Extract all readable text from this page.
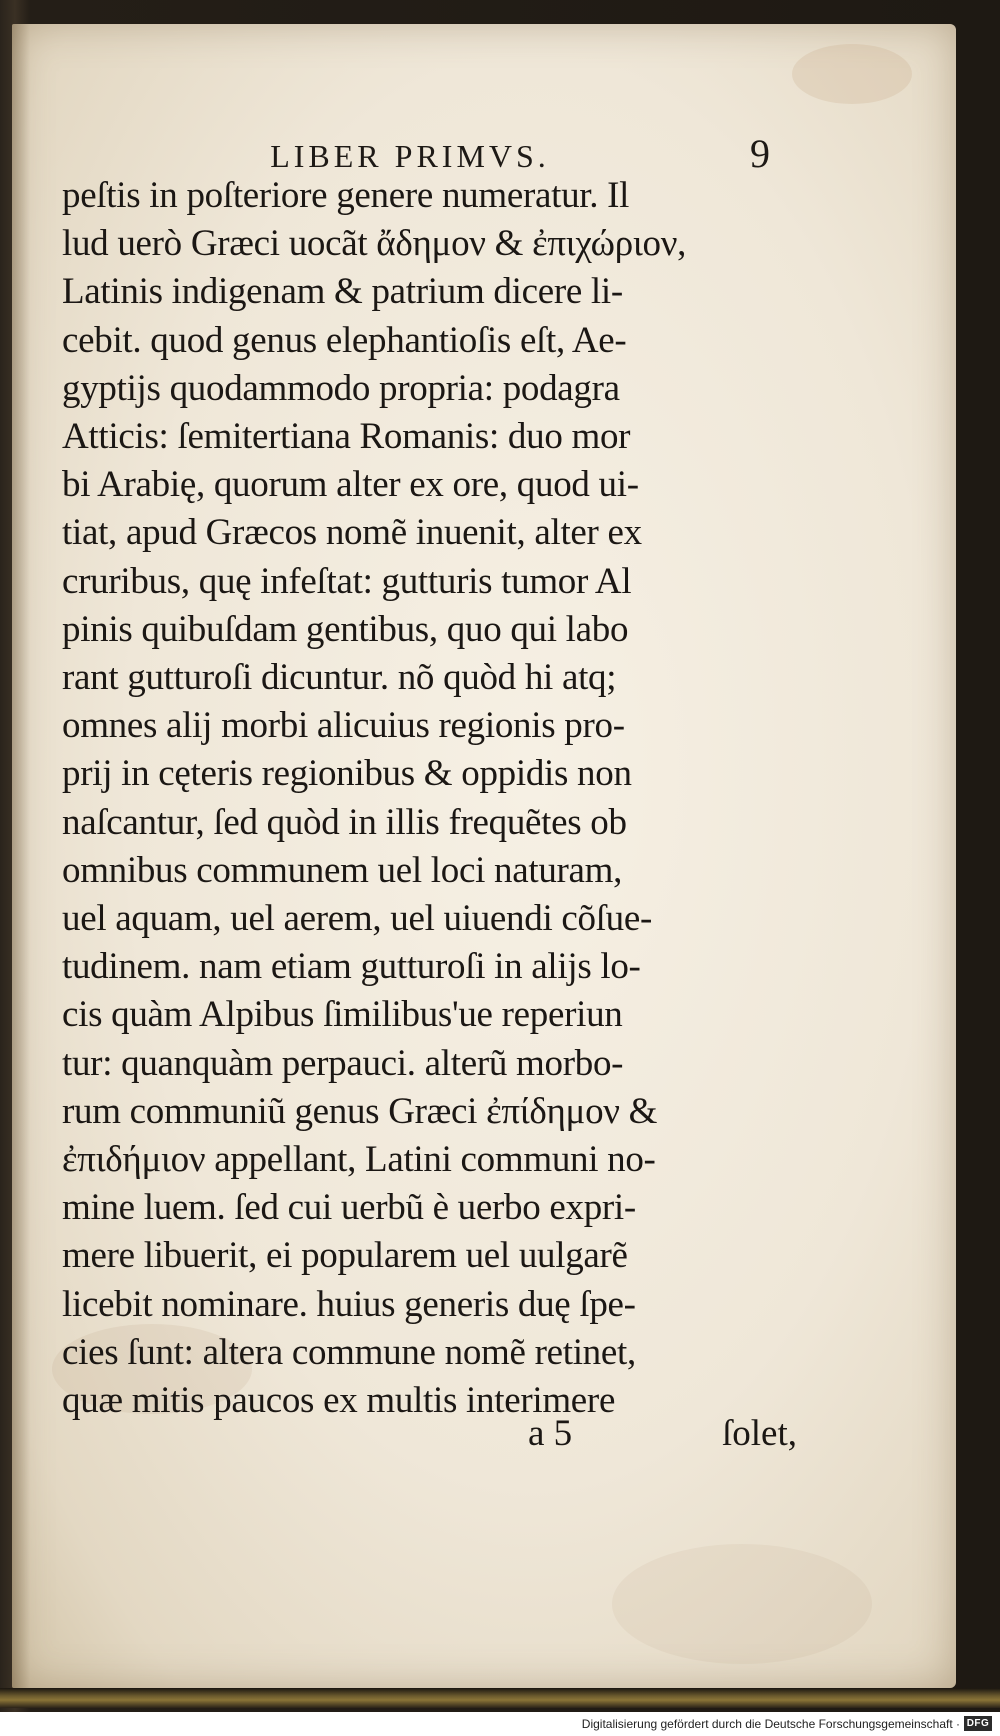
LIBER PRIMVS.	9
peſtis in poſteriore genere numeratur. Il
lud uerò Græci uocãt ἄδημον & ἐπιχώριον,
Latinis indigenam & patrium dicere li-
cebit. quod genus elephantioſis eſt, Ae-
gyptijs quodammodo propria: podagra
Atticis: ſemitertiana Romanis: duo mor
bi Arabię, quorum alter ex ore, quod ui-
tiat, apud Græcos nomẽ inuenit, alter ex
cruribus, quę infeſtat: gutturis tumor Al
pinis quibuſdam gentibus, quo qui labo
rant gutturoſi dicuntur. nõ quòd hi atq;
omnes alij morbi alicuius regionis pro-
prij in cęteris regionibus & oppidis non
naſcantur, ſed quòd in illis frequẽtes ob
omnibus communem uel loci naturam,
uel aquam, uel aerem, uel uiuendi cõſue-
tudinem. nam etiam gutturoſi in alijs lo-
cis quàm Alpibus ſimilibus'ue reperiun
tur: quanquàm perpauci. alterũ morbo-
rum communiũ genus Græci ἐπίδημον &
ἐπιδήμιον appellant, Latini communi no-
mine luem. ſed cui uerbũ è uerbo expri-
mere libuerit, ei popularem uel uulgarẽ
licebit nominare. huius generis duę ſpe-
cies ſunt: altera commune nomẽ retinet,
quæ mitis paucos ex multis interimere
a 5	ſolet,
Digitalisierung gefördert durch die Deutsche Forschungsgemeinschaft · DFG
